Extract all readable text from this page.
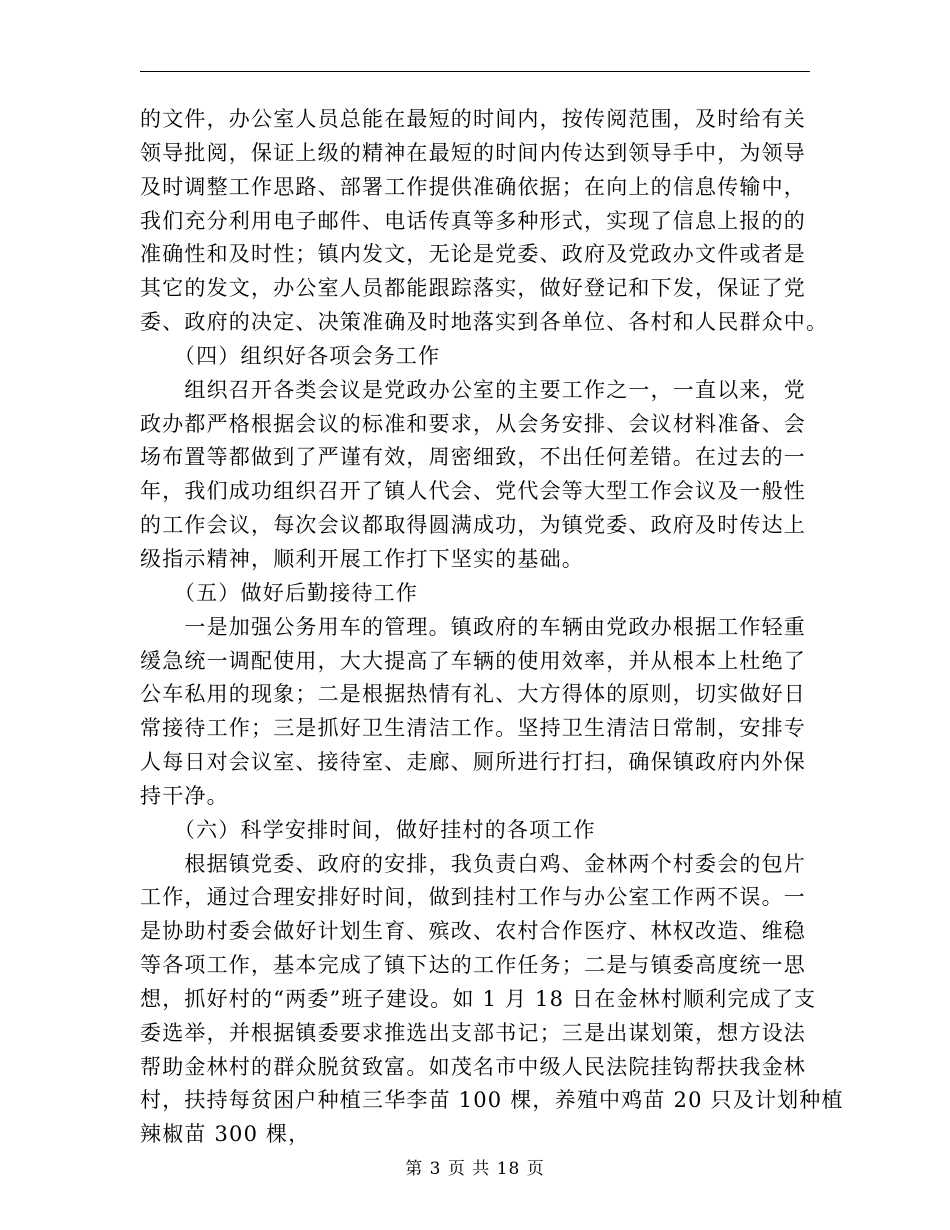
的文件，办公室人员总能在最短的时间内，按传阅范围，及时给有关
领导批阅，保证上级的精神在最短的时间内传达到领导手中，为领导
及时调整工作思路、部署工作提供准确依据；在向上的信息传输中，
我们充分利用电子邮件、电话传真等多种形式，实现了信息上报的的
准确性和及时性；镇内发文，无论是党委、政府及党政办文件或者是
其它的发文，办公室人员都能跟踪落实，做好登记和下发，保证了党
委、政府的决定、决策准确及时地落实到各单位、各村和人民群众中。
　　（四）组织好各项会务工作
　　组织召开各类会议是党政办公室的主要工作之一，一直以来，党
政办都严格根据会议的标准和要求，从会务安排、会议材料准备、会
场布置等都做到了严谨有效，周密细致，不出任何差错。在过去的一
年，我们成功组织召开了镇人代会、党代会等大型工作会议及一般性
的工作会议，每次会议都取得圆满成功，为镇党委、政府及时传达上
级指示精神，顺利开展工作打下坚实的基础。
　　（五）做好后勤接待工作
　　一是加强公务用车的管理。镇政府的车辆由党政办根据工作轻重
缓急统一调配使用，大大提高了车辆的使用效率，并从根本上杜绝了
公车私用的现象；二是根据热情有礼、大方得体的原则，切实做好日
常接待工作；三是抓好卫生清洁工作。坚持卫生清洁日常制，安排专
人每日对会议室、接待室、走廊、厕所进行打扫，确保镇政府内外保
持干净。
　　（六）科学安排时间，做好挂村的各项工作
　　根据镇党委、政府的安排，我负责白鸡、金林两个村委会的包片
工作，通过合理安排好时间，做到挂村工作与办公室工作两不误。一
是协助村委会做好计划生育、殡改、农村合作医疗、林权改造、维稳
等各项工作，基本完成了镇下达的工作任务；二是与镇委高度统一思
想，抓好村的“两委”班子建设。如 1 月 18 日在金林村顺利完成了支
委选举，并根据镇委要求推选出支部书记；三是出谋划策，想方设法
帮助金林村的群众脱贫致富。如茂名市中级人民法院挂钩帮扶我金林
村，扶持每贫困户种植三华李苗 100 棵，养殖中鸡苗 20 只及计划种植
辣椒苗 300 棵，
第 3 页 共 18 页
